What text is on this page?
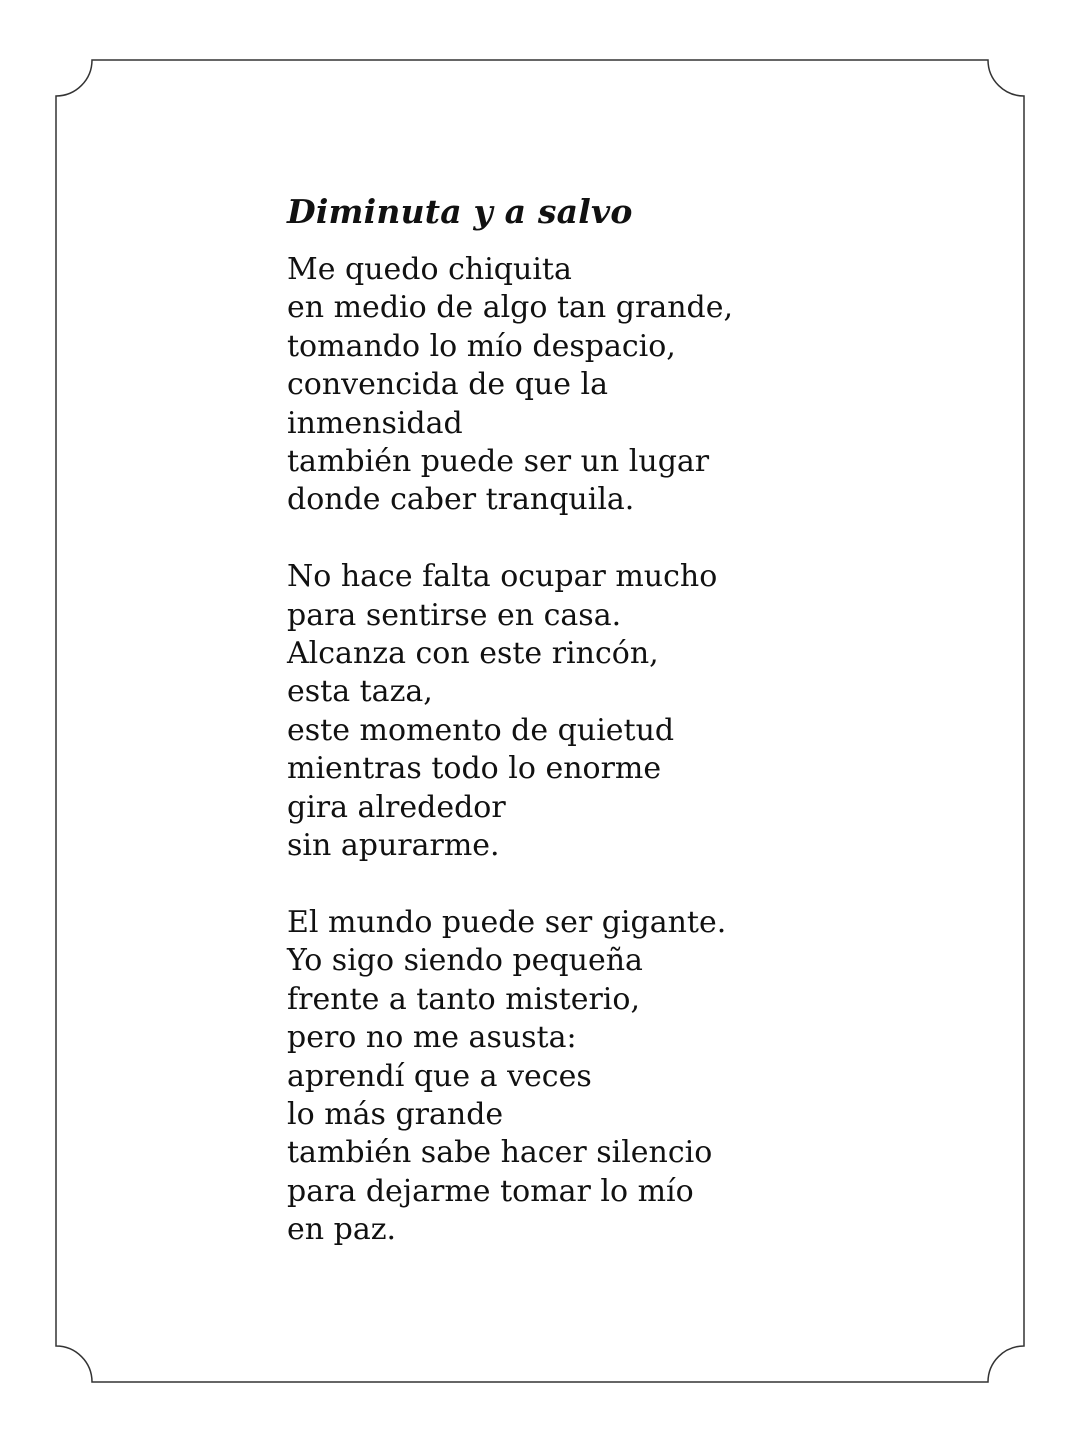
Diminuta y a salvo
Me quedo chiquita
en medio de algo tan grande,
tomando lo mío despacio,
convencida de que la
inmensidad
también puede ser un lugar
donde caber tranquila.
No hace falta ocupar mucho
para sentirse en casa.
Alcanza con este rincón,
esta taza,
este momento de quietud
mientras todo lo enorme
gira alrededor
sin apurarme.
El mundo puede ser gigante.
Yo sigo siendo pequeña
frente a tanto misterio,
pero no me asusta:
aprendí que a veces
lo más grande
también sabe hacer silencio
para dejarme tomar lo mío
en paz.
